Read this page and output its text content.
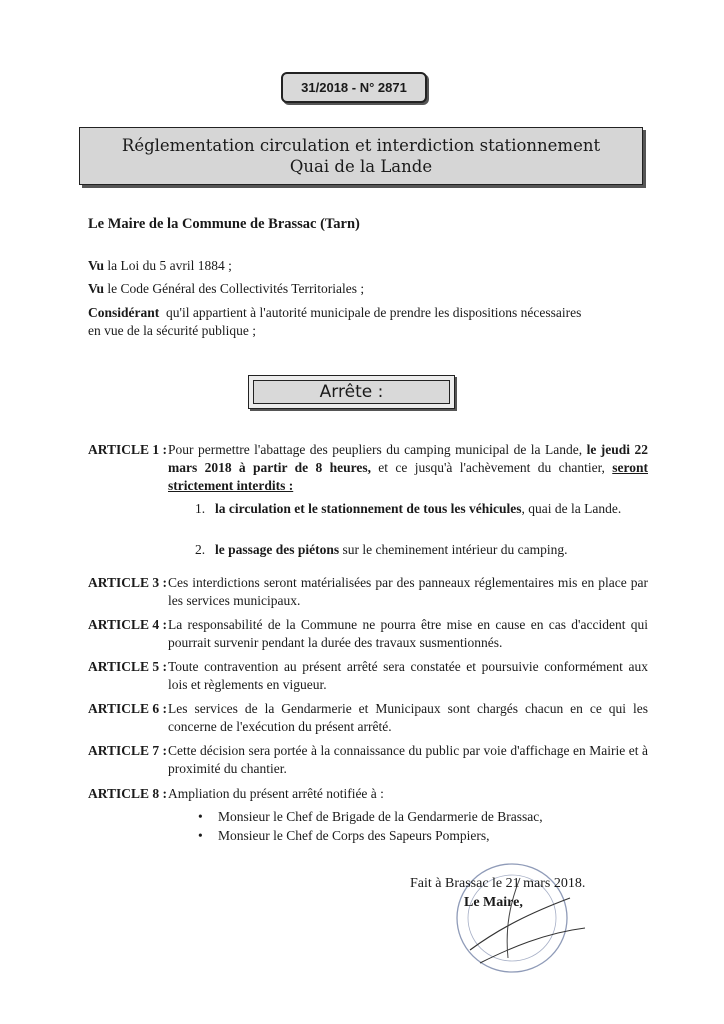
31/2018 - N° 2871
Réglementation circulation et interdiction stationnement
Quai de la Lande
Le Maire de la Commune de Brassac (Tarn)
Vu la Loi du 5 avril 1884 ;
Vu le Code Général des Collectivités Territoriales ;
Considérant  qu'il appartient à l'autorité municipale de prendre les dispositions nécessaires
en vue de la sécurité publique ;
Arrête :
ARTICLE 1 : Pour permettre l'abattage des peupliers du camping municipal de la Lande, le jeudi 22 mars 2018 à partir de 8 heures, et ce jusqu'à l'achèvement du chantier, seront strictement interdits :
1. la circulation et le stationnement de tous les véhicules, quai de la Lande.
2. le passage des piétons sur le cheminement intérieur du camping.
ARTICLE 3 : Ces interdictions seront matérialisées par des panneaux réglementaires mis en place par les services municipaux.
ARTICLE 4 : La responsabilité de la Commune ne pourra être mise en cause en cas d'accident qui pourrait survenir pendant la durée des travaux susmentionnés.
ARTICLE 5 : Toute contravention au présent arrêté sera constatée et poursuivie conformément aux lois et règlements en vigueur.
ARTICLE 6 : Les services de la Gendarmerie et Municipaux sont chargés chacun en ce qui les concerne de l'exécution du présent arrêté.
ARTICLE 7 : Cette décision sera portée à la connaissance du public par voie d'affichage en Mairie et à proximité du chantier.
ARTICLE 8 : Ampliation du présent arrêté notifiée à :
• Monsieur le Chef de Brigade de la Gendarmerie de Brassac,
• Monsieur le Chef de Corps des Sapeurs Pompiers,
Fait à Brassac le 21 mars 2018.
Le Maire,
